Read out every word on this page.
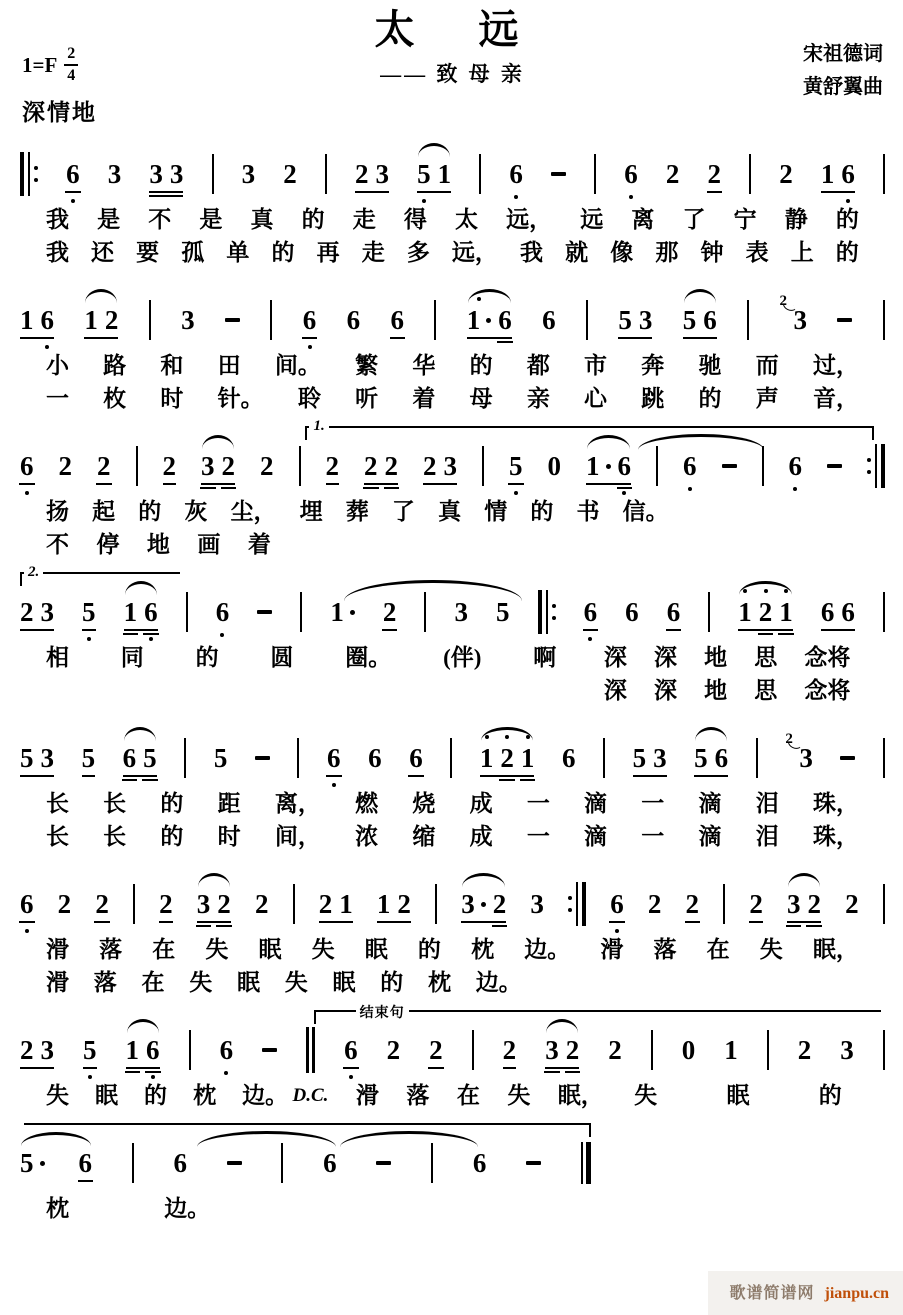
$1=F \frac{2}{4}$
深情地
太　远
—— 致 母 亲
宋祖德词
黄舒翼曲
6 3 3 3 3 2 2 3 5 1 6	6 2 2 2 1 6
我 是 不 是 真 的 走 得 太 远， 远 离 了 宁 静 的
我 还 要 孤 单 的 再 走 多 远， 我 就 像 那 钟 表 上 的
1 6 1 2 3	6 6 6 1 6 6 5 3 5 6
2
3
小 路 和 田 间。 繁 华 的 都 市 奔 驰 而 过，
一 枚 时 针。 聆 听 着 母 亲 心 跳 的 声 音，
1.
6 2 2 2 3 2 2 2 2 2 2 3 5 0 1 6 6	6
扬 起 的 灰 尘， 埋 葬 了 真 情 的 书 信。
不 停 地 画 着
2.
2 3 5 1 6 6	1 2 3 5	6 6 6 1 2 1 6 6
相 同 的 圆 圈。 (伴) 啊 深 深 地 思 念将
深 深 地 思 念将
5 3 5 6 5 5	6 6 6 1 2 1 6 5 3 5 6
2
3
长 长 的 距 离， 燃 烧 成 一 滴 一 滴 泪 珠，
长 长 的 时 间， 浓 缩 成 一 滴 一 滴 泪 珠，
6 2 2 2 3 2 2 2 1 1 2 3 2 3 6 2 2 2 3 2 2
滑 落 在 失 眠 失 眠 的 枕 边。 滑 落 在 失 眠，
滑 落 在 失 眠 失 眠 的 枕 边。
结束句
2 3 5 1 6 6	6 2 2 2 3 2 2 0 1 2 3
失 眠 的 枕 边。 D.C. 滑 落 在 失 眠， 失	眠	的
5 6	6	6	6
枕	边。
歌谱简谱网 jianpu.cn
